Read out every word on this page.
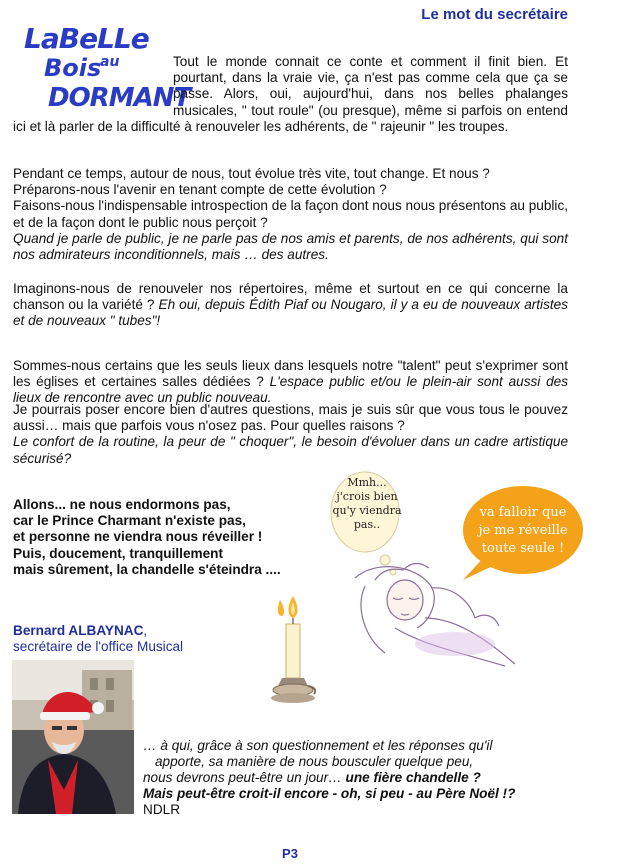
Le mot du secrétaire
LaBeLLe
Bois
au
DORMANT
Tout le monde connait ce conte et comment il finit bien. Et pourtant, dans la vraie vie, ça n'est pas comme cela que ça se passe. Alors, oui, aujourd'hui, dans nos belles phalanges musicales, " tout roule" (ou presque), même si parfois on entend ici et là parler de la difficulté à renouveler les adhérents, de " rajeunir " les troupes.
Pendant ce temps, autour de nous, tout évolue très vite, tout change. Et nous ?
Préparons-nous l'avenir en tenant compte de cette évolution ?
Faisons-nous l'indispensable introspection de la façon dont nous nous présentons au public, et de la façon dont le public nous perçoit ?
Quand je parle de public, je ne parle pas de nos amis et parents, de nos adhérents, qui sont nos admirateurs inconditionnels, mais … des autres.
Imaginons-nous de renouveler nos répertoires, même et surtout en ce qui concerne la chanson ou la variété ? Eh oui, depuis Édith Piaf ou Nougaro, il y a eu de nouveaux artistes et de nouveaux " tubes"!
Sommes-nous certains que les seuls lieux dans lesquels notre "talent" peut s'exprimer sont les églises et certaines salles dédiées ? L'espace public et/ou le plein-air sont aussi des lieux de rencontre avec un public nouveau.
Je pourrais poser encore bien d'autres questions, mais je suis sûr que vous tous le pouvez aussi… mais que parfois vous n'osez pas. Pour quelles raisons ?
Le confort de la routine, la peur de " choquer", le besoin d'évoluer dans un cadre artistique sécurisé?
Allons... ne nous endormons pas,
car le Prince Charmant n'existe pas,
et personne ne viendra nous réveiller !
Puis, doucement, tranquillement
mais sûrement, la chandelle s'éteindra ....
Mmh...
j'crois bien
qu'y viendra
pas..
va falloir que
je me réveille
toute seule !
Bernard ALBAYNAC,
secrétaire de l'office Musical
… à qui, grâce à son questionnement et les réponses qu'il
apporte, sa manière de nous bousculer quelque peu,
nous devrons peut-être un jour… une fière chandelle ?
Mais peut-être croit-il encore - oh, si peu - au Père Noël !?
NDLR
P3
